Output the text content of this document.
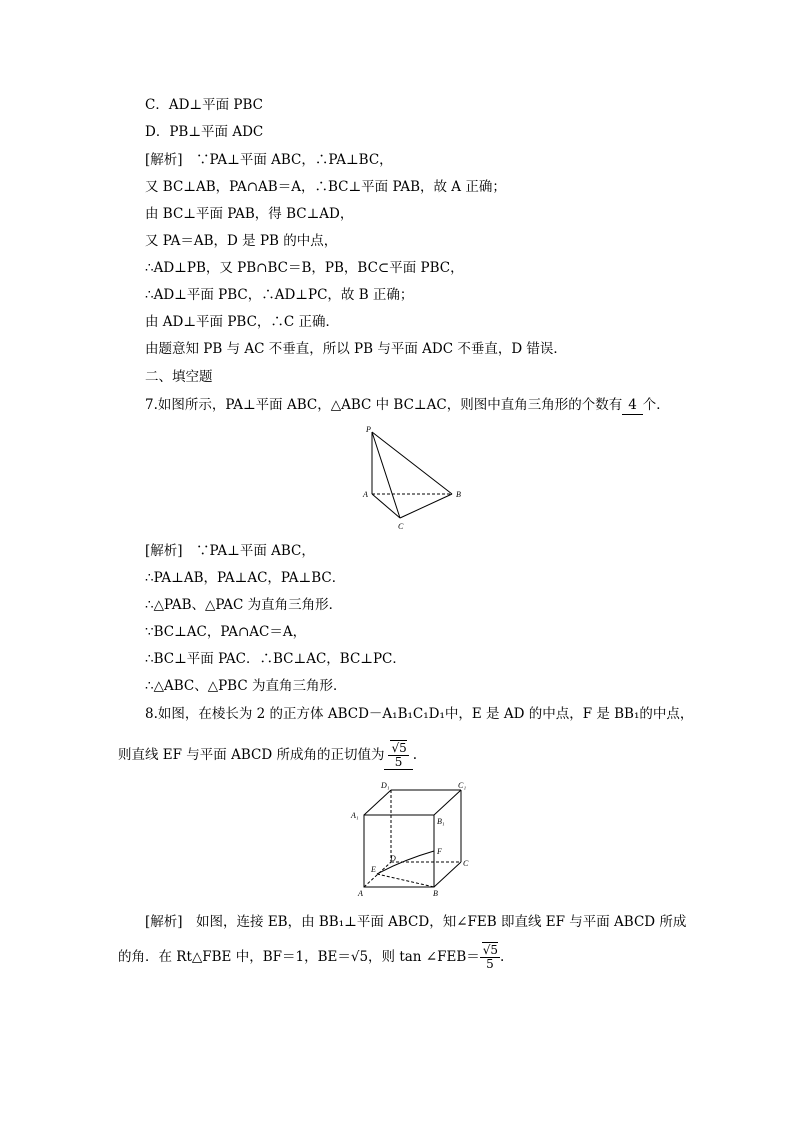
C．AD⊥平面 PBC
D．PB⊥平面 ADC
[解析]　∵PA⊥平面 ABC，∴PA⊥BC，
又 BC⊥AB，PA∩AB＝A，∴BC⊥平面 PAB，故 A 正确；
由 BC⊥平面 PAB，得 BC⊥AD，
又 PA＝AB，D 是 PB 的中点，
∴AD⊥PB，又 PB∩BC＝B，PB，BC⊂平面 PBC，
∴AD⊥平面 PBC，∴AD⊥PC，故 B 正确；
由 AD⊥平面 PBC，∴C 正确．
由题意知 PB 与 AC 不垂直，所以 PB 与平面 ADC 不垂直，D 错误．
二、填空题
7.如图所示，PA⊥平面 ABC，△ABC 中 BC⊥AC，则图中直角三角形的个数有 4 个．
P
A	B
C
[解析]　∵PA⊥平面 ABC，
∴PA⊥AB，PA⊥AC，PA⊥BC．
∴△PAB、△PAC 为直角三角形．
∵BC⊥AC，PA∩AC＝A，
∴BC⊥平面 PAC．∴BC⊥AC，BC⊥PC．
∴△ABC、△PBC 为直角三角形．
8.如图，在棱长为 2 的正方体 ABCD－A₁B₁C₁D₁中，E 是 AD 的中点，F 是 BB₁的中点，
则直线 EF 与平面 ABCD 所成角的正切值为 $\frac{√5}{5}$ .
D₁	C₁
A₁
B₁
D
F
C
E
A	B
[解析]　如图，连接 EB，由 BB₁⊥平面 ABCD，知∠FEB 即直线 EF 与平面 ABCD 所成
的角．在 Rt△FBE 中，BF＝1，BE＝√5，则 tan ∠FEB＝ $\frac{√5}{5}$ .
